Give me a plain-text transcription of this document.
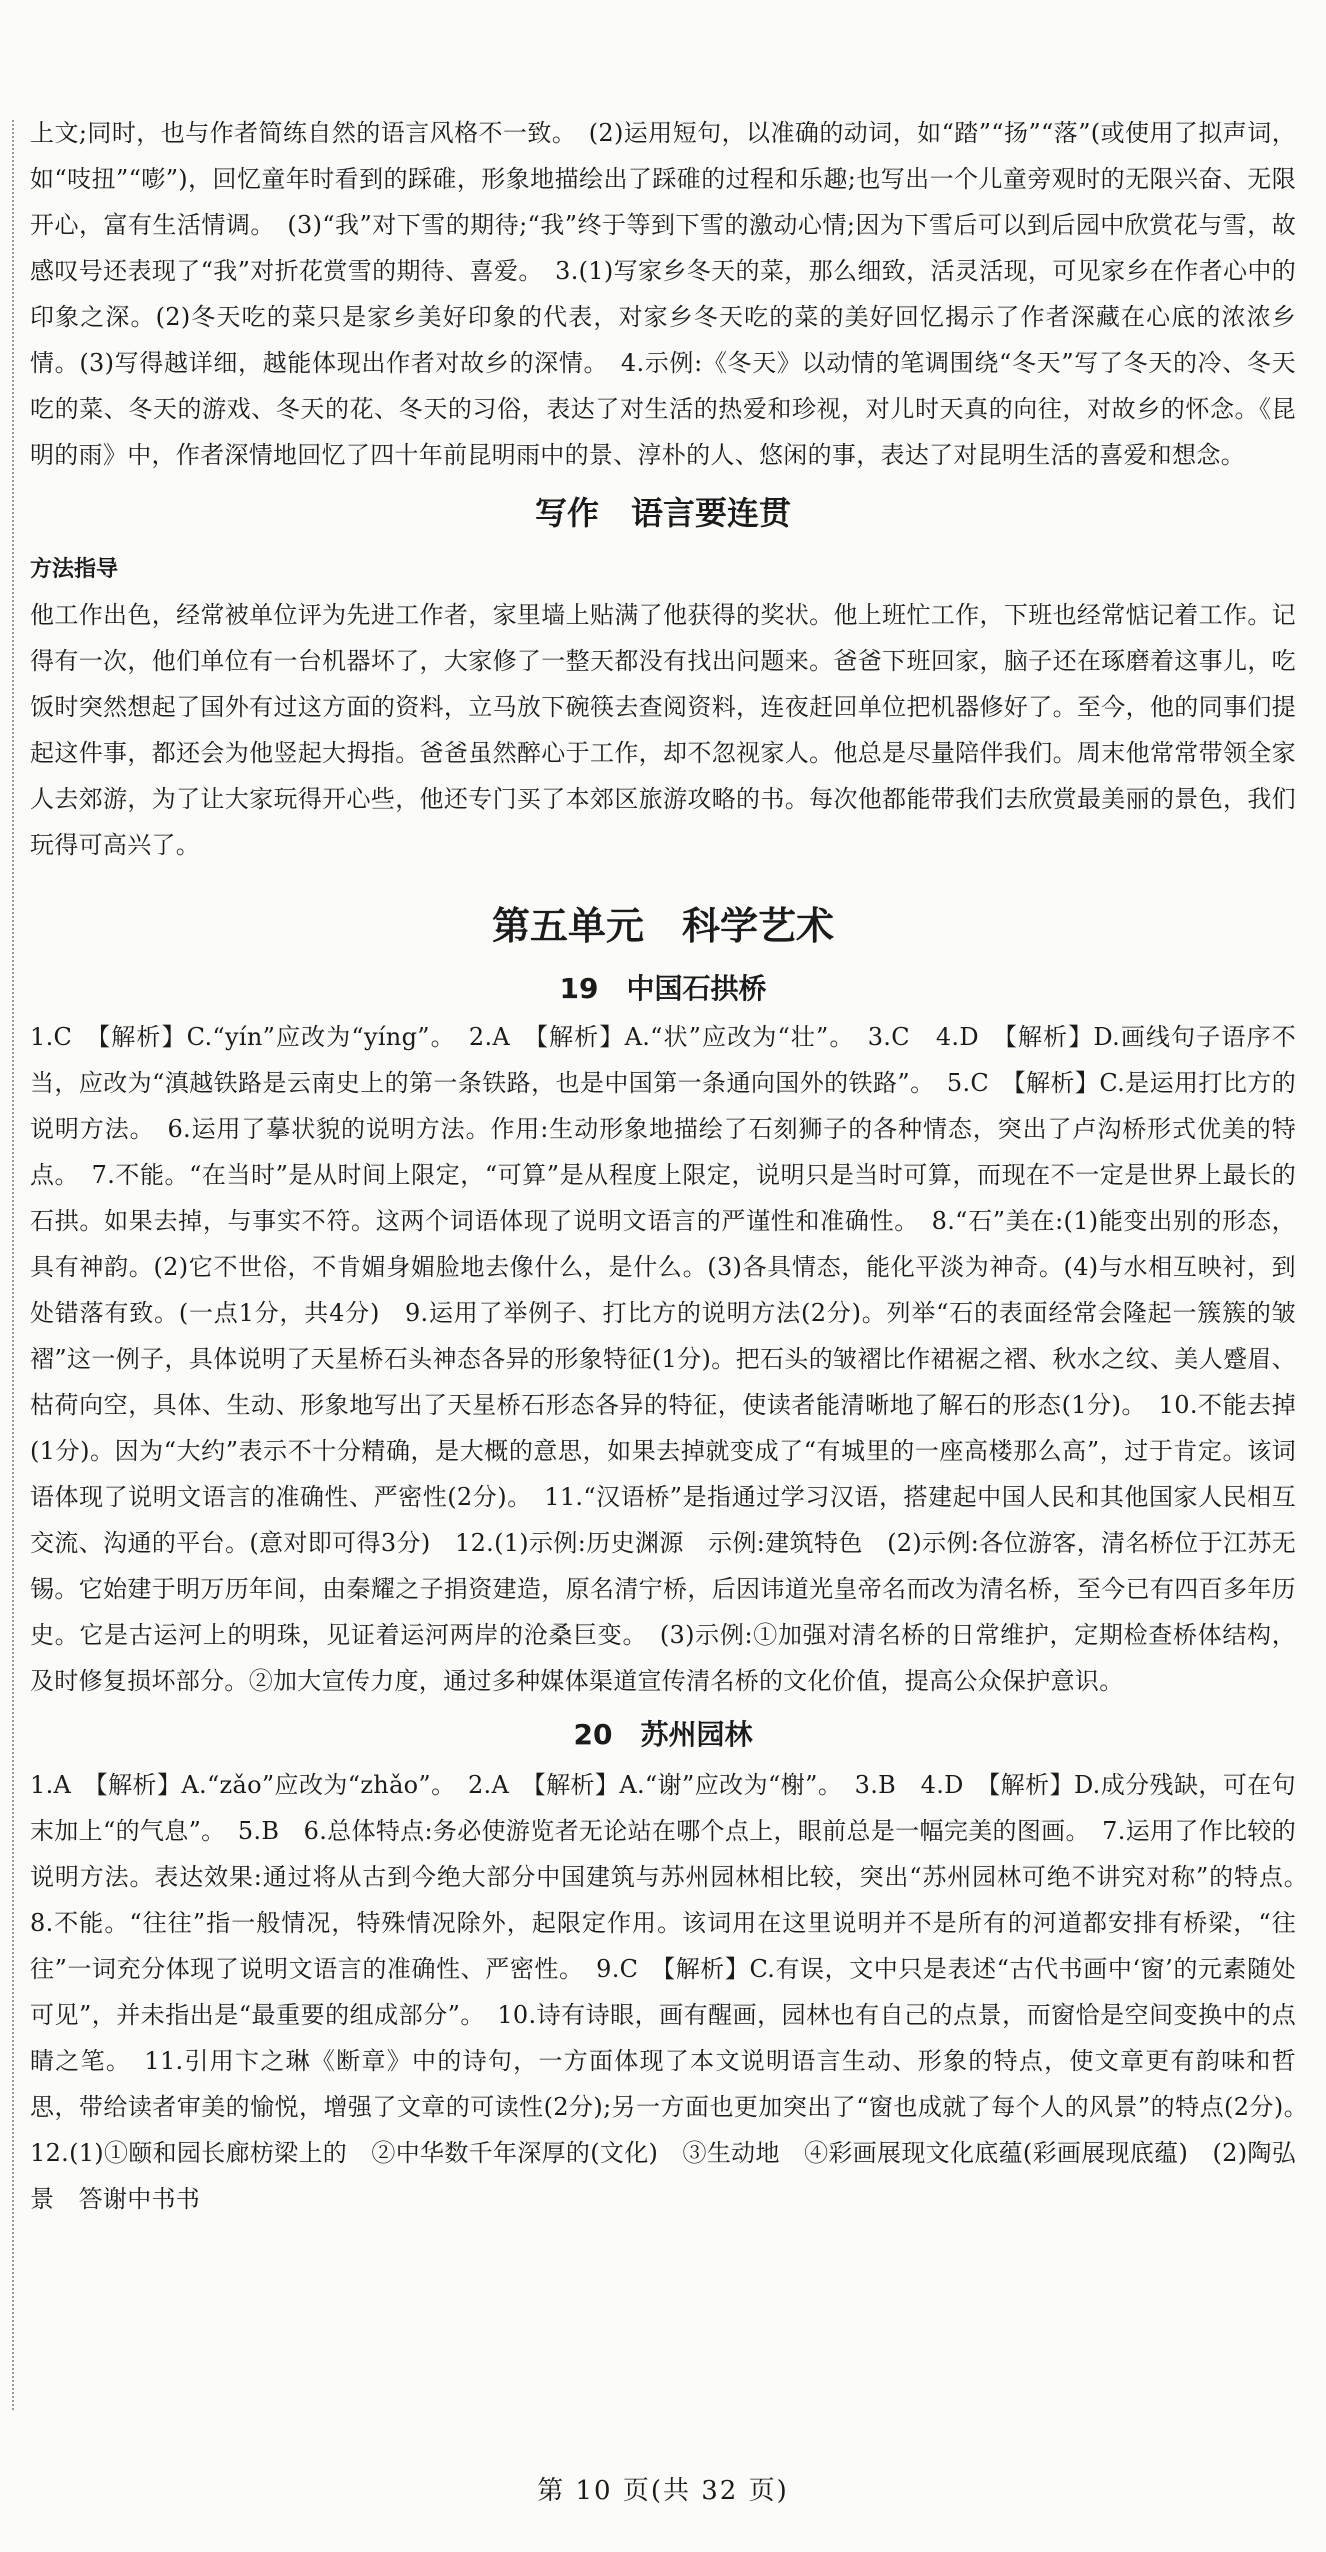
上文;同时，也与作者简练自然的语言风格不一致。　(2)运用短句，以准确的动词，如“踏”“扬”“落”(或使用了拟声词，如“吱扭”“嘭”)，回忆童年时看到的踩碓，形象地描绘出了踩碓的过程和乐趣;也写出一个儿童旁观时的无限兴奋、无限开心，富有生活情调。　(3)“我”对下雪的期待;“我”终于等到下雪的激动心情;因为下雪后可以到后园中欣赏花与雪，故感叹号还表现了“我”对折花赏雪的期待、喜爱。　3.(1)写家乡冬天的菜，那么细致，活灵活现，可见家乡在作者心中的印象之深。(2)冬天吃的菜只是家乡美好印象的代表，对家乡冬天吃的菜的美好回忆揭示了作者深藏在心底的浓浓乡情。(3)写得越详细，越能体现出作者对故乡的深情。　4.示例:《冬天》以动情的笔调围绕“冬天”写了冬天的冷、冬天吃的菜、冬天的游戏、冬天的花、冬天的习俗，表达了对生活的热爱和珍视，对儿时天真的向往，对故乡的怀念。《昆明的雨》中，作者深情地回忆了四十年前昆明雨中的景、淳朴的人、悠闲的事，表达了对昆明生活的喜爱和想念。

写作　语言要连贯

方法指导

他工作出色，经常被单位评为先进工作者，家里墙上贴满了他获得的奖状。他上班忙工作，下班也经常惦记着工作。记得有一次，他们单位有一台机器坏了，大家修了一整天都没有找出问题来。爸爸下班回家，脑子还在琢磨着这事儿，吃饭时突然想起了国外有过这方面的资料，立马放下碗筷去查阅资料，连夜赶回单位把机器修好了。至今，他的同事们提起这件事，都还会为他竖起大拇指。爸爸虽然醉心于工作，却不忽视家人。他总是尽量陪伴我们。周末他常常带领全家人去郊游，为了让大家玩得开心些，他还专门买了本郊区旅游攻略的书。每次他都能带我们去欣赏最美丽的景色，我们玩得可高兴了。

第五单元　科学艺术
19　中国石拱桥

1.C　【解析】C.“yín”应改为“yíng”。　2.A　【解析】A.“状”应改为“壮”。　3.C　4.D　【解析】D.画线句子语序不当，应改为“滇越铁路是云南史上的第一条铁路，也是中国第一条通向国外的铁路”。　5.C　【解析】C.是运用打比方的说明方法。　6.运用了摹状貌的说明方法。作用:生动形象地描绘了石刻狮子的各种情态，突出了卢沟桥形式优美的特点。　7.不能。“在当时”是从时间上限定，“可算”是从程度上限定，说明只是当时可算，而现在不一定是世界上最长的石拱。如果去掉，与事实不符。这两个词语体现了说明文语言的严谨性和准确性。　8.“石”美在:(1)能变出别的形态，具有神韵。(2)它不世俗，不肯媚身媚脸地去像什么，是什么。(3)各具情态，能化平淡为神奇。(4)与水相互映衬，到处错落有致。(一点1分，共4分)　9.运用了举例子、打比方的说明方法(2分)。列举“石的表面经常会隆起一簇簇的皱褶”这一例子，具体说明了天星桥石头神态各异的形象特征(1分)。把石头的皱褶比作裙裾之褶、秋水之纹、美人蹙眉、枯荷向空，具体、生动、形象地写出了天星桥石形态各异的特征，使读者能清晰地了解石的形态(1分)。　10.不能去掉(1分)。因为“大约”表示不十分精确，是大概的意思，如果去掉就变成了“有城里的一座高楼那么高”，过于肯定。该词语体现了说明文语言的准确性、严密性(2分)。　11.“汉语桥”是指通过学习汉语，搭建起中国人民和其他国家人民相互交流、沟通的平台。(意对即可得3分)　12.(1)示例:历史渊源　示例:建筑特色　(2)示例:各位游客，清名桥位于江苏无锡。它始建于明万历年间，由秦耀之子捐资建造，原名清宁桥，后因讳道光皇帝名而改为清名桥，至今已有四百多年历史。它是古运河上的明珠，见证着运河两岸的沧桑巨变。　(3)示例:①加强对清名桥的日常维护，定期检查桥体结构，及时修复损坏部分。②加大宣传力度，通过多种媒体渠道宣传清名桥的文化价值，提高公众保护意识。

20　苏州园林

1.A　【解析】A.“zǎo”应改为“zhǎo”。　2.A　【解析】A.“谢”应改为“榭”。　3.B　4.D　【解析】D.成分残缺，可在句末加上“的气息”。　5.B　6.总体特点:务必使游览者无论站在哪个点上，眼前总是一幅完美的图画。　7.运用了作比较的说明方法。表达效果:通过将从古到今绝大部分中国建筑与苏州园林相比较，突出“苏州园林可绝不讲究对称”的特点。　8.不能。“往往”指一般情况，特殊情况除外，起限定作用。该词用在这里说明并不是所有的河道都安排有桥梁，“往往”一词充分体现了说明文语言的准确性、严密性。　9.C　【解析】C.有误，文中只是表述“古代书画中‘窗’的元素随处可见”，并未指出是“最重要的组成部分”。　10.诗有诗眼，画有醒画，园林也有自己的点景，而窗恰是空间变换中的点睛之笔。　11.引用卞之琳《断章》中的诗句，一方面体现了本文说明语言生动、形象的特点，使文章更有韵味和哲思，带给读者审美的愉悦，增强了文章的可读性(2分);另一方面也更加突出了“窗也成就了每个人的风景”的特点(2分)。　12.(1)①颐和园长廊枋梁上的　②中华数千年深厚的(文化)　③生动地　④彩画展现文化底蕴(彩画展现底蕴)　(2)陶弘景　答谢中书书

第 10 页(共 32 页)
